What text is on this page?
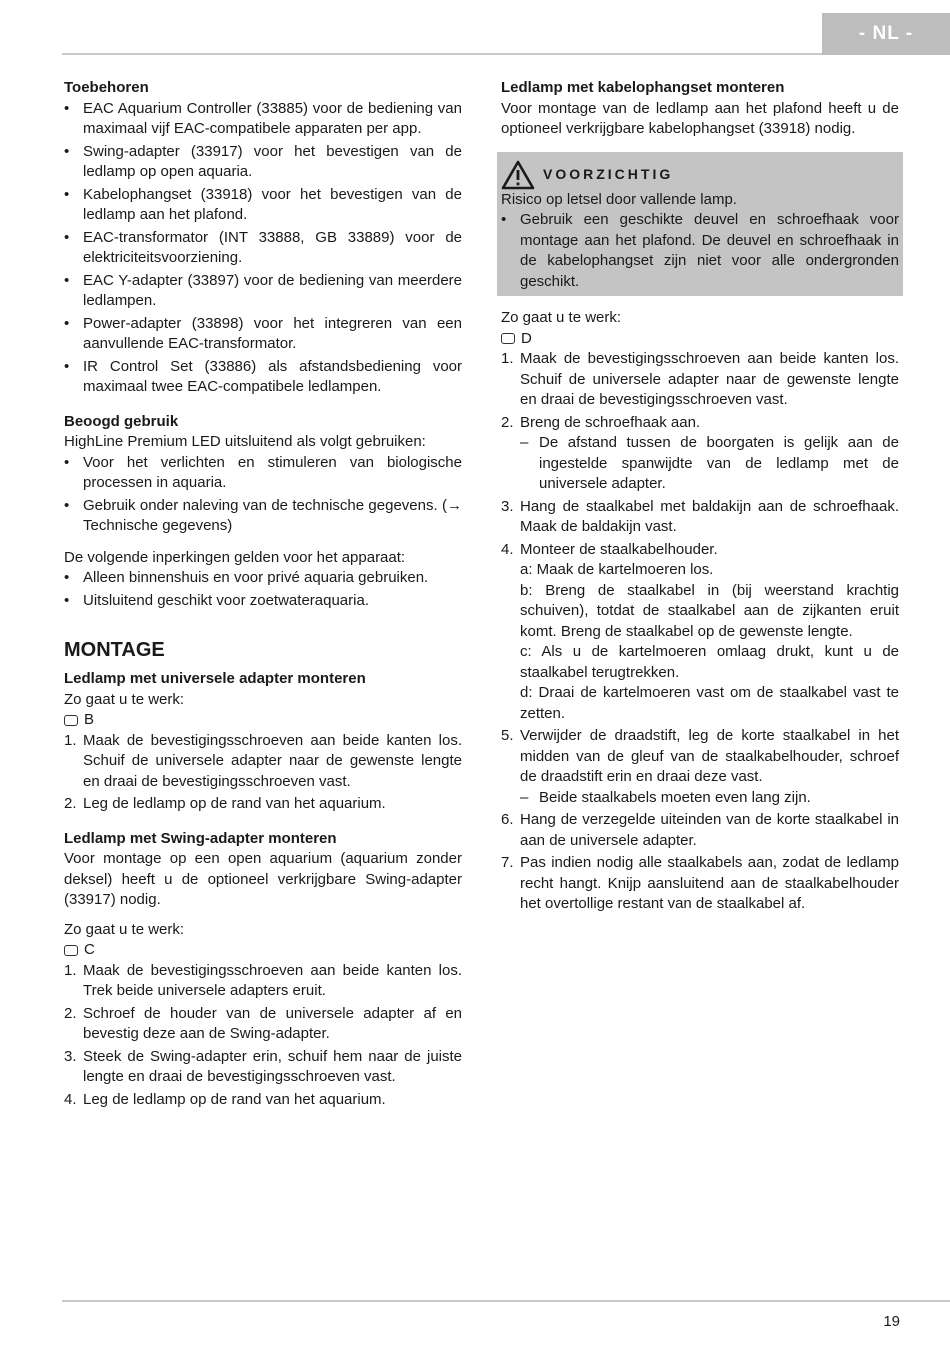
- NL -

Toebehoren

• EAC Aquarium Controller (33885) voor de bediening van maximaal vijf EAC-compatibele apparaten per app.
• Swing-adapter (33917) voor het bevestigen van de ledlamp op open aquaria.
• Kabelophangset (33918) voor het bevestigen van de ledlamp aan het plafond.
• EAC-transformator (INT 33888, GB 33889) voor de elektriciteitsvoorziening.
• EAC Y-adapter (33897) voor de bediening van meerdere ledlampen.
• Power-adapter (33898) voor het integreren van een aanvullende EAC-transformator.
• IR Control Set (33886) als afstandsbediening voor maximaal twee EAC-compatibele ledlampen.

Beoogd gebruik

HighLine Premium LED uitsluitend als volgt gebruiken:

• Voor het verlichten en stimuleren van biologische processen in aquaria.
• Gebruik onder naleving van de technische gegevens. (→ Technische gegevens)

De volgende inperkingen gelden voor het apparaat:

• Alleen binnenshuis en voor privé aquaria gebruiken.
• Uitsluitend geschikt voor zoetwateraquaria.

MONTAGE

Ledlamp met universele adapter monteren

Zo gaat u te werk:

B
1. Maak de bevestigingsschroeven aan beide kanten los. Schuif de universele adapter naar de gewenste lengte en draai de bevestigingsschroeven vast.
2. Leg de ledlamp op de rand van het aquarium.

Ledlamp met Swing-adapter monteren

Voor montage op een open aquarium (aquarium zonder deksel) heeft u de optioneel verkrijgbare Swing-adapter (33917) nodig.

Zo gaat u te werk:

C
1. Maak de bevestigingsschroeven aan beide kanten los. Trek beide universele adapters eruit.
2. Schroef de houder van de universele adapter af en bevestig deze aan de Swing-adapter.
3. Steek de Swing-adapter erin, schuif hem naar de juiste lengte en draai de bevestigingsschroeven vast.
4. Leg de ledlamp op de rand van het aquarium.

Ledlamp met kabelophangset monteren

Voor montage van de ledlamp aan het plafond heeft u de optioneel verkrijgbare kabelophangset (33918) nodig.

VOORZICHTIG

Risico op letsel door vallende lamp.

• Gebruik een geschikte deuvel en schroefhaak voor montage aan het plafond. De deuvel en schroefhaak in de kabelophangset zijn niet voor alle ondergronden geschikt.

Zo gaat u te werk:

D
1. Maak de bevestigingsschroeven aan beide kanten los. Schuif de universele adapter naar de gewenste lengte en draai de bevestigingsschroeven vast.
2. Breng de schroefhaak aan.
– De afstand tussen de boorgaten is gelijk aan de ingestelde spanwijdte van de ledlamp met de universele adapter.
3. Hang de staalkabel met baldakijn aan de schroefhaak. Maak de baldakijn vast.
4. Monteer de staalkabelhouder.
a: Maak de kartelmoeren los.
b: Breng de staalkabel in (bij weerstand krachtig schuiven), totdat de staalkabel aan de zijkanten eruit komt. Breng de staalkabel op de gewenste lengte.
c: Als u de kartelmoeren omlaag drukt, kunt u de staalkabel terugtrekken.
d: Draai de kartelmoeren vast om de staalkabel vast te zetten.
5. Verwijder de draadstift, leg de korte staalkabel in het midden van de gleuf van de staalkabelhouder, schroef de draadstift erin en draai deze vast.
– Beide staalkabels moeten even lang zijn.
6. Hang de verzegelde uiteinden van de korte staalkabel in aan de universele adapter.
7. Pas indien nodig alle staalkabels aan, zodat de ledlamp recht hangt. Knijp aansluitend aan de staalkabelhouder het overtollige restant van de staalkabel af.
19
